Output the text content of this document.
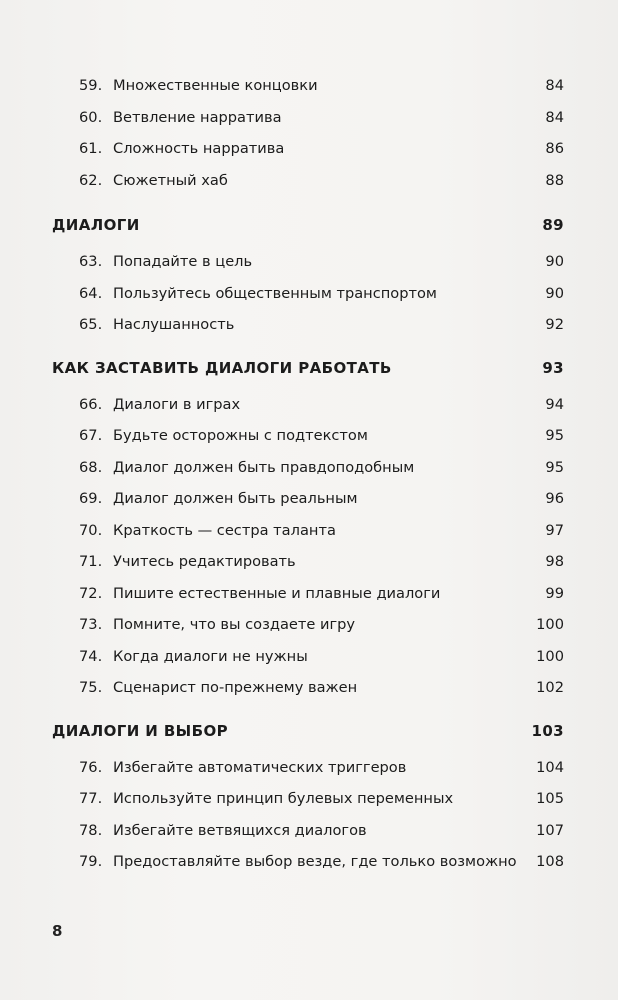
59. Множественные концовки . . .	84
60. Ветвление нарратива . . .	84
61. Сложность нарратива . . .	86
62. Сюжетный хаб . . .	88
ДИАЛОГИ .....	89
63. Попадайте в цель . . .	90
64. Пользуйтесь общественным транспортом . . .	90
65. Наслушанность . . .	92
КАК ЗАСТАВИТЬ ДИАЛОГИ РАБОТАТЬ .....	93
66. Диалоги в играх . . .	94
67. Будьте осторожны с подтекстом . . .	95
68. Диалог должен быть правдоподобным . . .	95
69. Диалог должен быть реальным . . .	96
70. Краткость — сестра таланта . . .	97
71. Учитесь редактировать . . .	98
72. Пишите естественные и плавные диалоги . . .	99
73. Помните, что вы создаете игру . . .	100
74. Когда диалоги не нужны . . .	100
75. Сценарист по-прежнему важен . . .	102
ДИАЛОГИ И ВЫБОР .....	103
76. Избегайте автоматических триггеров . . .	104
77. Используйте принцип булевых переменных . . .	105
78. Избегайте ветвящихся диалогов . . .	107
79. Предоставляйте выбор везде, где только возможно . . . 108
8
